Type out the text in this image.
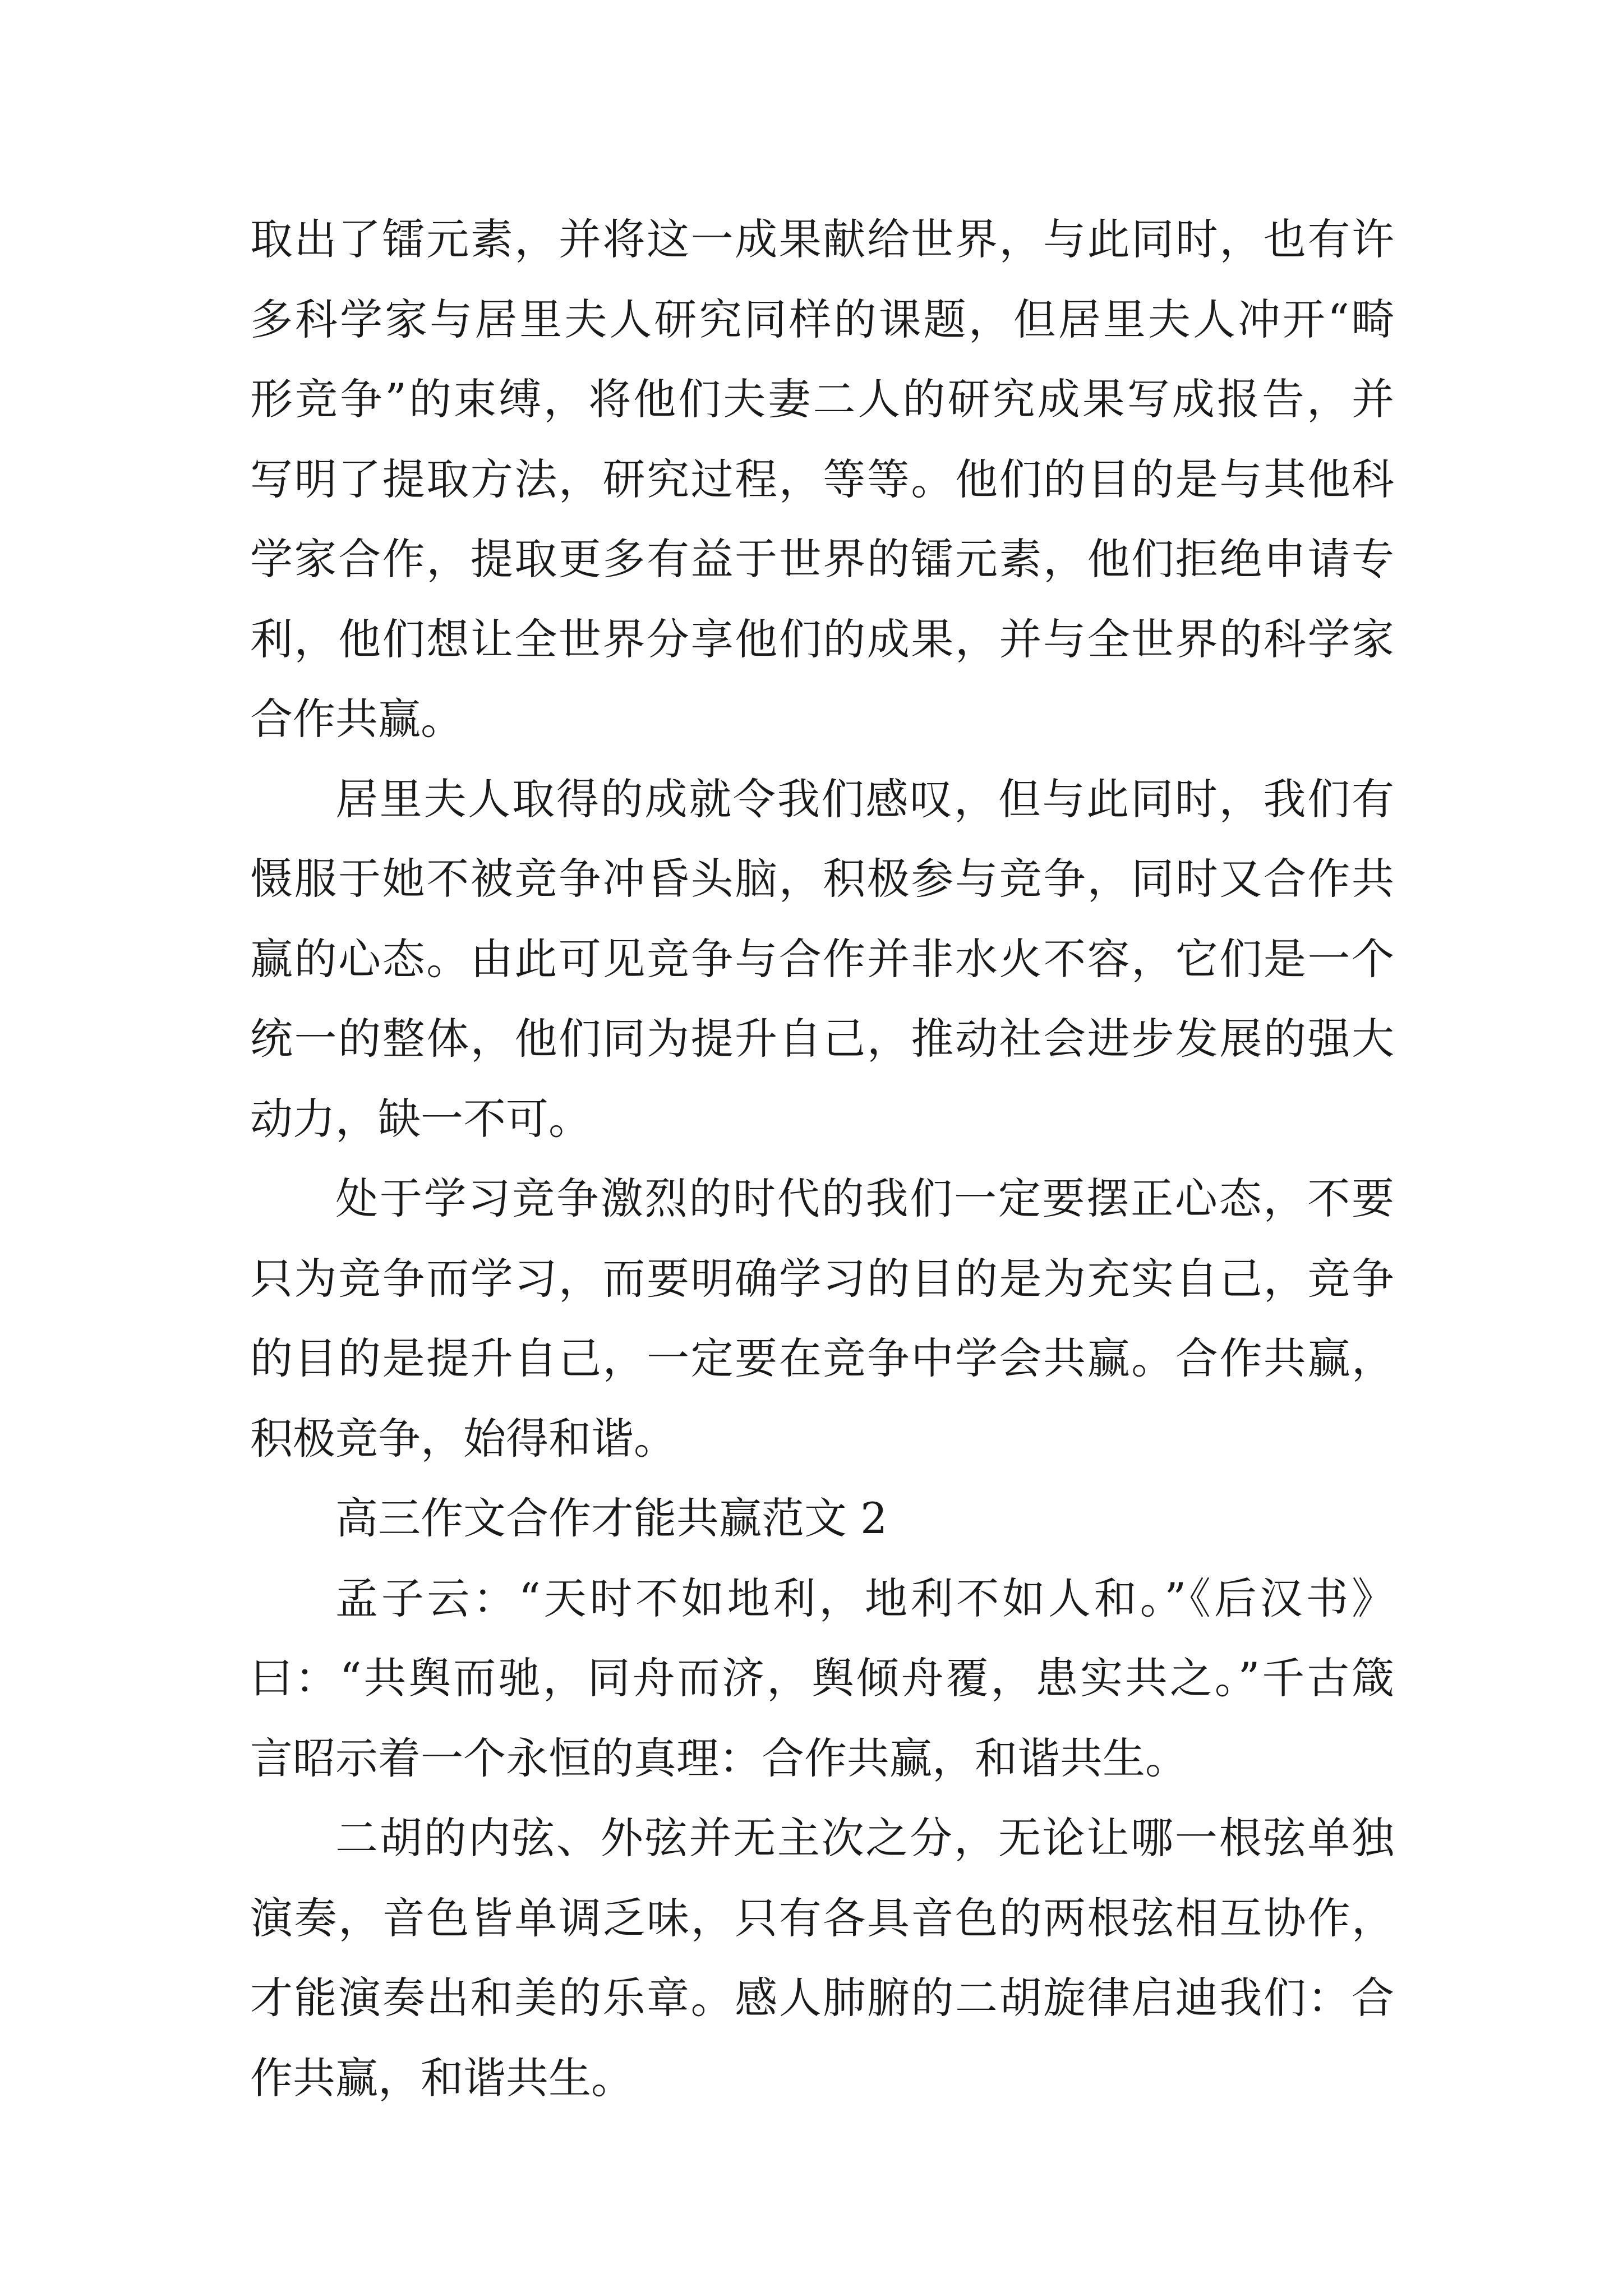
取出了镭元素，并将这一成果献给世界，与此同时，也有许
多科学家与居里夫人研究同样的课题，但居里夫人冲开“畸
形竞争”的束缚，将他们夫妻二人的研究成果写成报告，并
写明了提取方法，研究过程，等等。他们的目的是与其他科
学家合作，提取更多有益于世界的镭元素，他们拒绝申请专
利，他们想让全世界分享他们的成果，并与全世界的科学家
合作共赢。
居里夫人取得的成就令我们感叹，但与此同时，我们有
慑服于她不被竞争冲昏头脑，积极参与竞争，同时又合作共
赢的心态。由此可见竞争与合作并非水火不容，它们是一个
统一的整体，他们同为提升自己，推动社会进步发展的强大
动力，缺一不可。
处于学习竞争激烈的时代的我们一定要摆正心态，不要
只为竞争而学习，而要明确学习的目的是为充实自己，竞争
的目的是提升自己，一定要在竞争中学会共赢。合作共赢，
积极竞争，始得和谐。
高三作文合作才能共赢范文 2
孟子云：“天时不如地利，地利不如人和。”《后汉书》
曰：“共舆而驰，同舟而济，舆倾舟覆，患实共之。”千古箴
言昭示着一个永恒的真理：合作共赢，和谐共生。
二胡的内弦、外弦并无主次之分，无论让哪一根弦单独
演奏，音色皆单调乏味，只有各具音色的两根弦相互协作，
才能演奏出和美的乐章。感人肺腑的二胡旋律启迪我们：合
作共赢，和谐共生。
